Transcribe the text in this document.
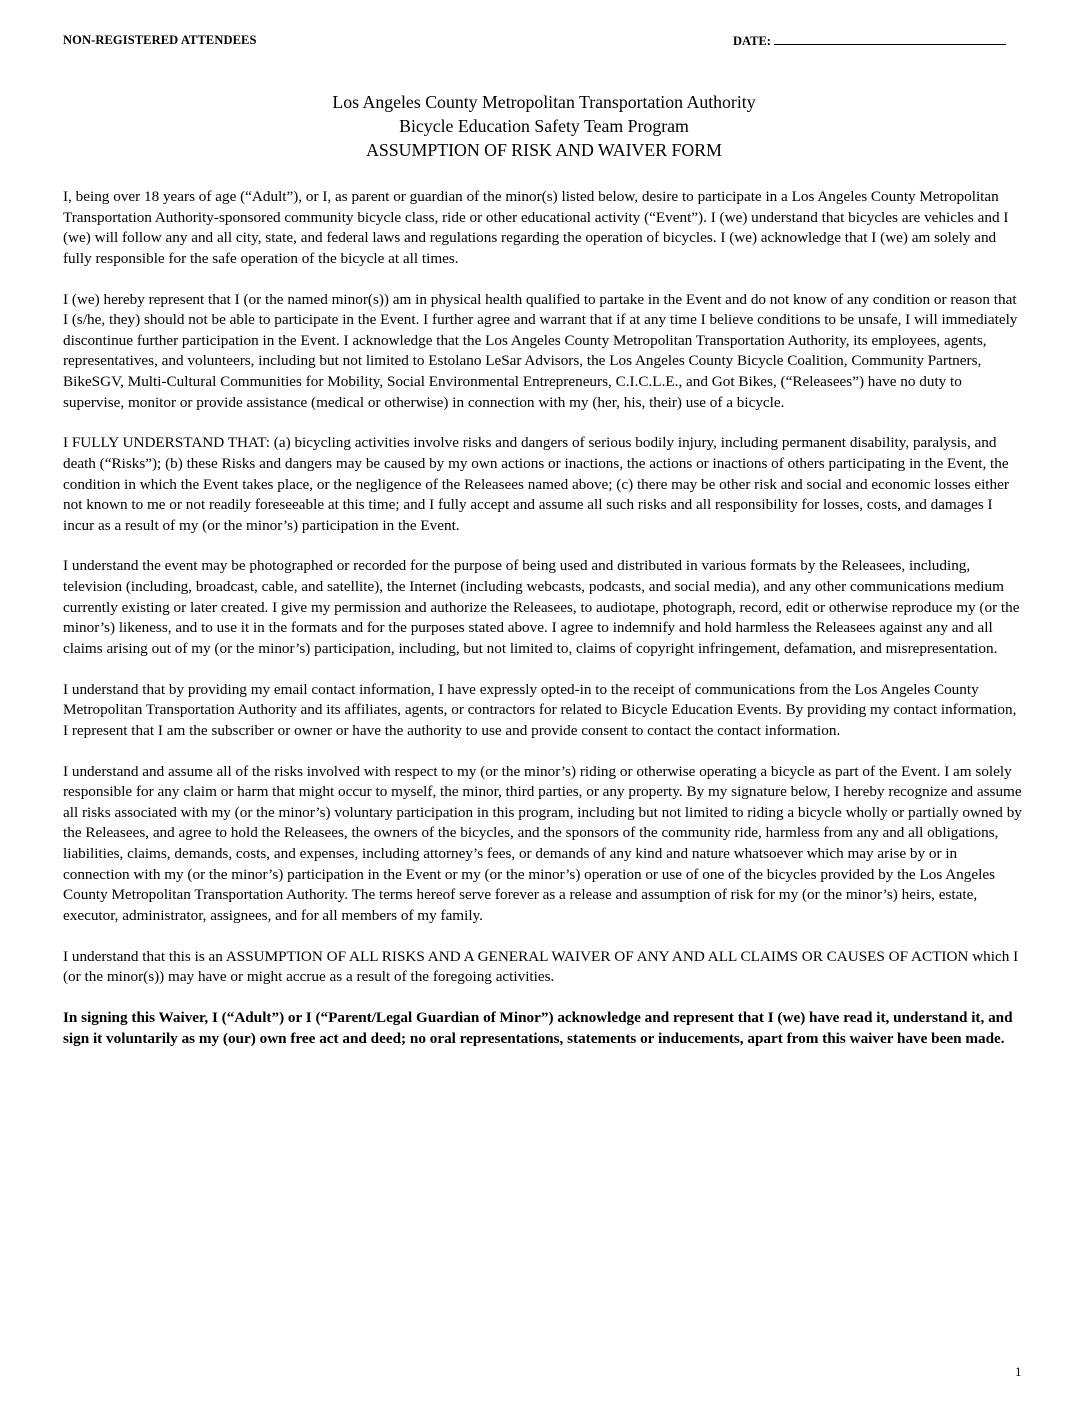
NON-REGISTERED ATTENDEES	DATE:
Los Angeles County Metropolitan Transportation Authority
Bicycle Education Safety Team Program
ASSUMPTION OF RISK AND WAIVER FORM

I, being over 18 years of age (“Adult”), or I, as parent or guardian of the minor(s) listed below, desire to participate in a Los Angeles County Metropolitan Transportation Authority-sponsored community bicycle class, ride or other educational activity (“Event”). I (we) understand that bicycles are vehicles and I (we) will follow any and all city, state, and federal laws and regulations regarding the operation of bicycles. I (we) acknowledge that I (we) am solely and fully responsible for the safe operation of the bicycle at all times.

I (we) hereby represent that I (or the named minor(s)) am in physical health qualified to partake in the Event and do not know of any condition or reason that I (s/he, they) should not be able to participate in the Event. I further agree and warrant that if at any time I believe conditions to be unsafe, I will immediately discontinue further participation in the Event. I acknowledge that the Los Angeles County Metropolitan Transportation Authority, its employees, agents, representatives, and volunteers, including but not limited to Estolano LeSar Advisors, the Los Angeles County Bicycle Coalition, Community Partners, BikeSGV, Multi-Cultural Communities for Mobility, Social Environmental Entrepreneurs, C.I.C.L.E., and Got Bikes, (“Releasees”) have no duty to supervise, monitor or provide assistance (medical or otherwise) in connection with my (her, his, their) use of a bicycle.

I FULLY UNDERSTAND THAT: (a) bicycling activities involve risks and dangers of serious bodily injury, including permanent disability, paralysis, and death (“Risks”); (b) these Risks and dangers may be caused by my own actions or inactions, the actions or inactions of others participating in the Event, the condition in which the Event takes place, or the negligence of the Releasees named above; (c) there may be other risk and social and economic losses either not known to me or not readily foreseeable at this time; and I fully accept and assume all such risks and all responsibility for losses, costs, and damages I incur as a result of my (or the minor’s) participation in the Event.

I understand the event may be photographed or recorded for the purpose of being used and distributed in various formats by the Releasees, including, television (including, broadcast, cable, and satellite), the Internet (including webcasts, podcasts, and social media), and any other communications medium currently existing or later created. I give my permission and authorize the Releasees, to audiotape, photograph, record, edit or otherwise reproduce my (or the minor’s) likeness, and to use it in the formats and for the purposes stated above. I agree to indemnify and hold harmless the Releasees against any and all claims arising out of my (or the minor’s) participation, including, but not limited to, claims of copyright infringement, defamation, and misrepresentation.

I understand that by providing my email contact information, I have expressly opted-in to the receipt of communications from the Los Angeles County Metropolitan Transportation Authority and its affiliates, agents, or contractors for related to Bicycle Education Events. By providing my contact information, I represent that I am the subscriber or owner or have the authority to use and provide consent to contact the contact information.

I understand and assume all of the risks involved with respect to my (or the minor’s) riding or otherwise operating a bicycle as part of the Event. I am solely responsible for any claim or harm that might occur to myself, the minor, third parties, or any property. By my signature below, I hereby recognize and assume all risks associated with my (or the minor’s) voluntary participation in this program, including but not limited to riding a bicycle wholly or partially owned by the Releasees, and agree to hold the Releasees, the owners of the bicycles, and the sponsors of the community ride, harmless from any and all obligations, liabilities, claims, demands, costs, and expenses, including attorney’s fees, or demands of any kind and nature whatsoever which may arise by or in connection with my (or the minor’s) participation in the Event or my (or the minor’s) operation or use of one of the bicycles provided by the Los Angeles County Metropolitan Transportation Authority. The terms hereof serve forever as a release and assumption of risk for my (or the minor’s) heirs, estate, executor, administrator, assignees, and for all members of my family.

I understand that this is an ASSUMPTION OF ALL RISKS AND A GENERAL WAIVER OF ANY AND ALL CLAIMS OR CAUSES OF ACTION which I (or the minor(s)) may have or might accrue as a result of the foregoing activities.

In signing this Waiver, I (“Adult”) or I (“Parent/Legal Guardian of Minor”) acknowledge and represent that I (we) have read it, understand it, and sign it voluntarily as my (our) own free act and deed; no oral representations, statements or inducements, apart from this waiver have been made.

1
